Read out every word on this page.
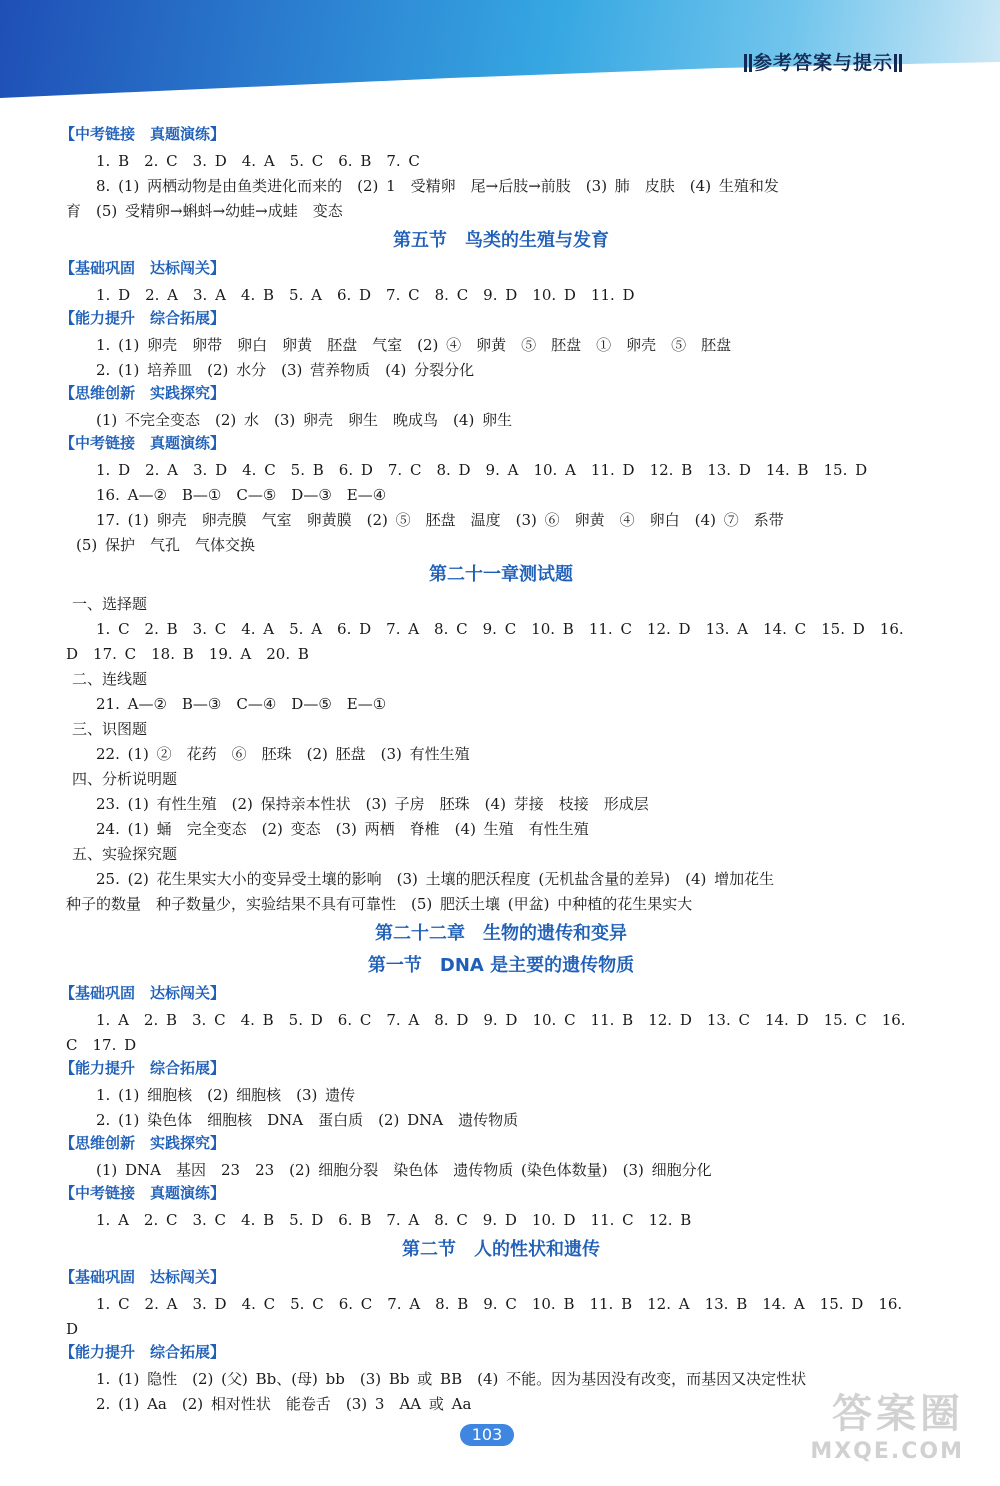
参考答案与提示
【中考链接　真题演练】
1. B　2. C　3. D　4. A　5. C　6. B　7. C
8. (1) 两栖动物是由鱼类进化而来的　(2) 1　受精卵　尾→后肢→前肢　(3) 肺　皮肤　(4) 生殖和发
育　(5) 受精卵→蝌蚪→幼蛙→成蛙　变态
第五节　鸟类的生殖与发育
【基础巩固　达标闯关】
1. D　2. A　3. A　4. B　5. A　6. D　7. C　8. C　9. D　10. D　11. D
【能力提升　综合拓展】
1. (1) 卵壳　卵带　卵白　卵黄　胚盘　气室　(2) ④　卵黄　⑤　胚盘　①　卵壳　⑤　胚盘
2. (1) 培养皿　(2) 水分　(3) 营养物质　(4) 分裂分化
【思维创新　实践探究】
(1) 不完全变态　(2) 水　(3) 卵壳　卵生　晚成鸟　(4) 卵生
【中考链接　真题演练】
1. D　2. A　3. D　4. C　5. B　6. D　7. C　8. D　9. A　10. A　11. D　12. B　13. D　14. B　15. D
16. A—②　B—①　C—⑤　D—③　E—④
17. (1) 卵壳　卵壳膜　气室　卵黄膜　(2) ⑤　胚盘　温度　(3) ⑥　卵黄　④　卵白　(4) ⑦　系带
(5) 保护　气孔　气体交换
第二十一章测试题
一、选择题
1. C　2. B　3. C　4. A　5. A　6. D　7. A　8. C　9. C　10. B　11. C　12. D　13. A　14. C　15. D　16.
D　17. C　18. B　19. A　20. B
二、连线题
21. A—②　B—③　C—④　D—⑤　E—①
三、识图题
22. (1) ②　花药　⑥　胚珠　(2) 胚盘　(3) 有性生殖
四、分析说明题
23. (1) 有性生殖　(2) 保持亲本性状　(3) 子房　胚珠　(4) 芽接　枝接　形成层
24. (1) 蛹　完全变态　(2) 变态　(3) 两栖　脊椎　(4) 生殖　有性生殖
五、实验探究题
25. (2) 花生果实大小的变异受土壤的影响　(3) 土壤的肥沃程度 (无机盐含量的差异)　(4) 增加花生
种子的数量　种子数量少，实验结果不具有可靠性　(5) 肥沃土壤 (甲盆) 中种植的花生果实大
第二十二章　生物的遗传和变异
第一节　DNA 是主要的遗传物质
【基础巩固　达标闯关】
1. A　2. B　3. C　4. B　5. D　6. C　7. A　8. D　9. D　10. C　11. B　12. D　13. C　14. D　15. C　16.
C　17. D
【能力提升　综合拓展】
1. (1) 细胞核　(2) 细胞核　(3) 遗传
2. (1) 染色体　细胞核　DNA　蛋白质　(2) DNA　遗传物质
【思维创新　实践探究】
(1) DNA　基因　23　23　(2) 细胞分裂　染色体　遗传物质 (染色体数量)　(3) 细胞分化
【中考链接　真题演练】
1. A　2. C　3. C　4. B　5. D　6. B　7. A　8. C　9. D　10. D　11. C　12. B
第二节　人的性状和遗传
【基础巩固　达标闯关】
1. C　2. A　3. D　4. C　5. C　6. C　7. A　8. B　9. C　10. B　11. B　12. A　13. B　14. A　15. D　16.
D
【能力提升　综合拓展】
1. (1) 隐性　(2) (父) Bb、(母) bb　(3) Bb 或 BB　(4) 不能。因为基因没有改变，而基因又决定性状
2. (1) Aa　(2) 相对性状　能卷舌　(3) 3　AA 或 Aa
103	答案圈
MXQE.COM
